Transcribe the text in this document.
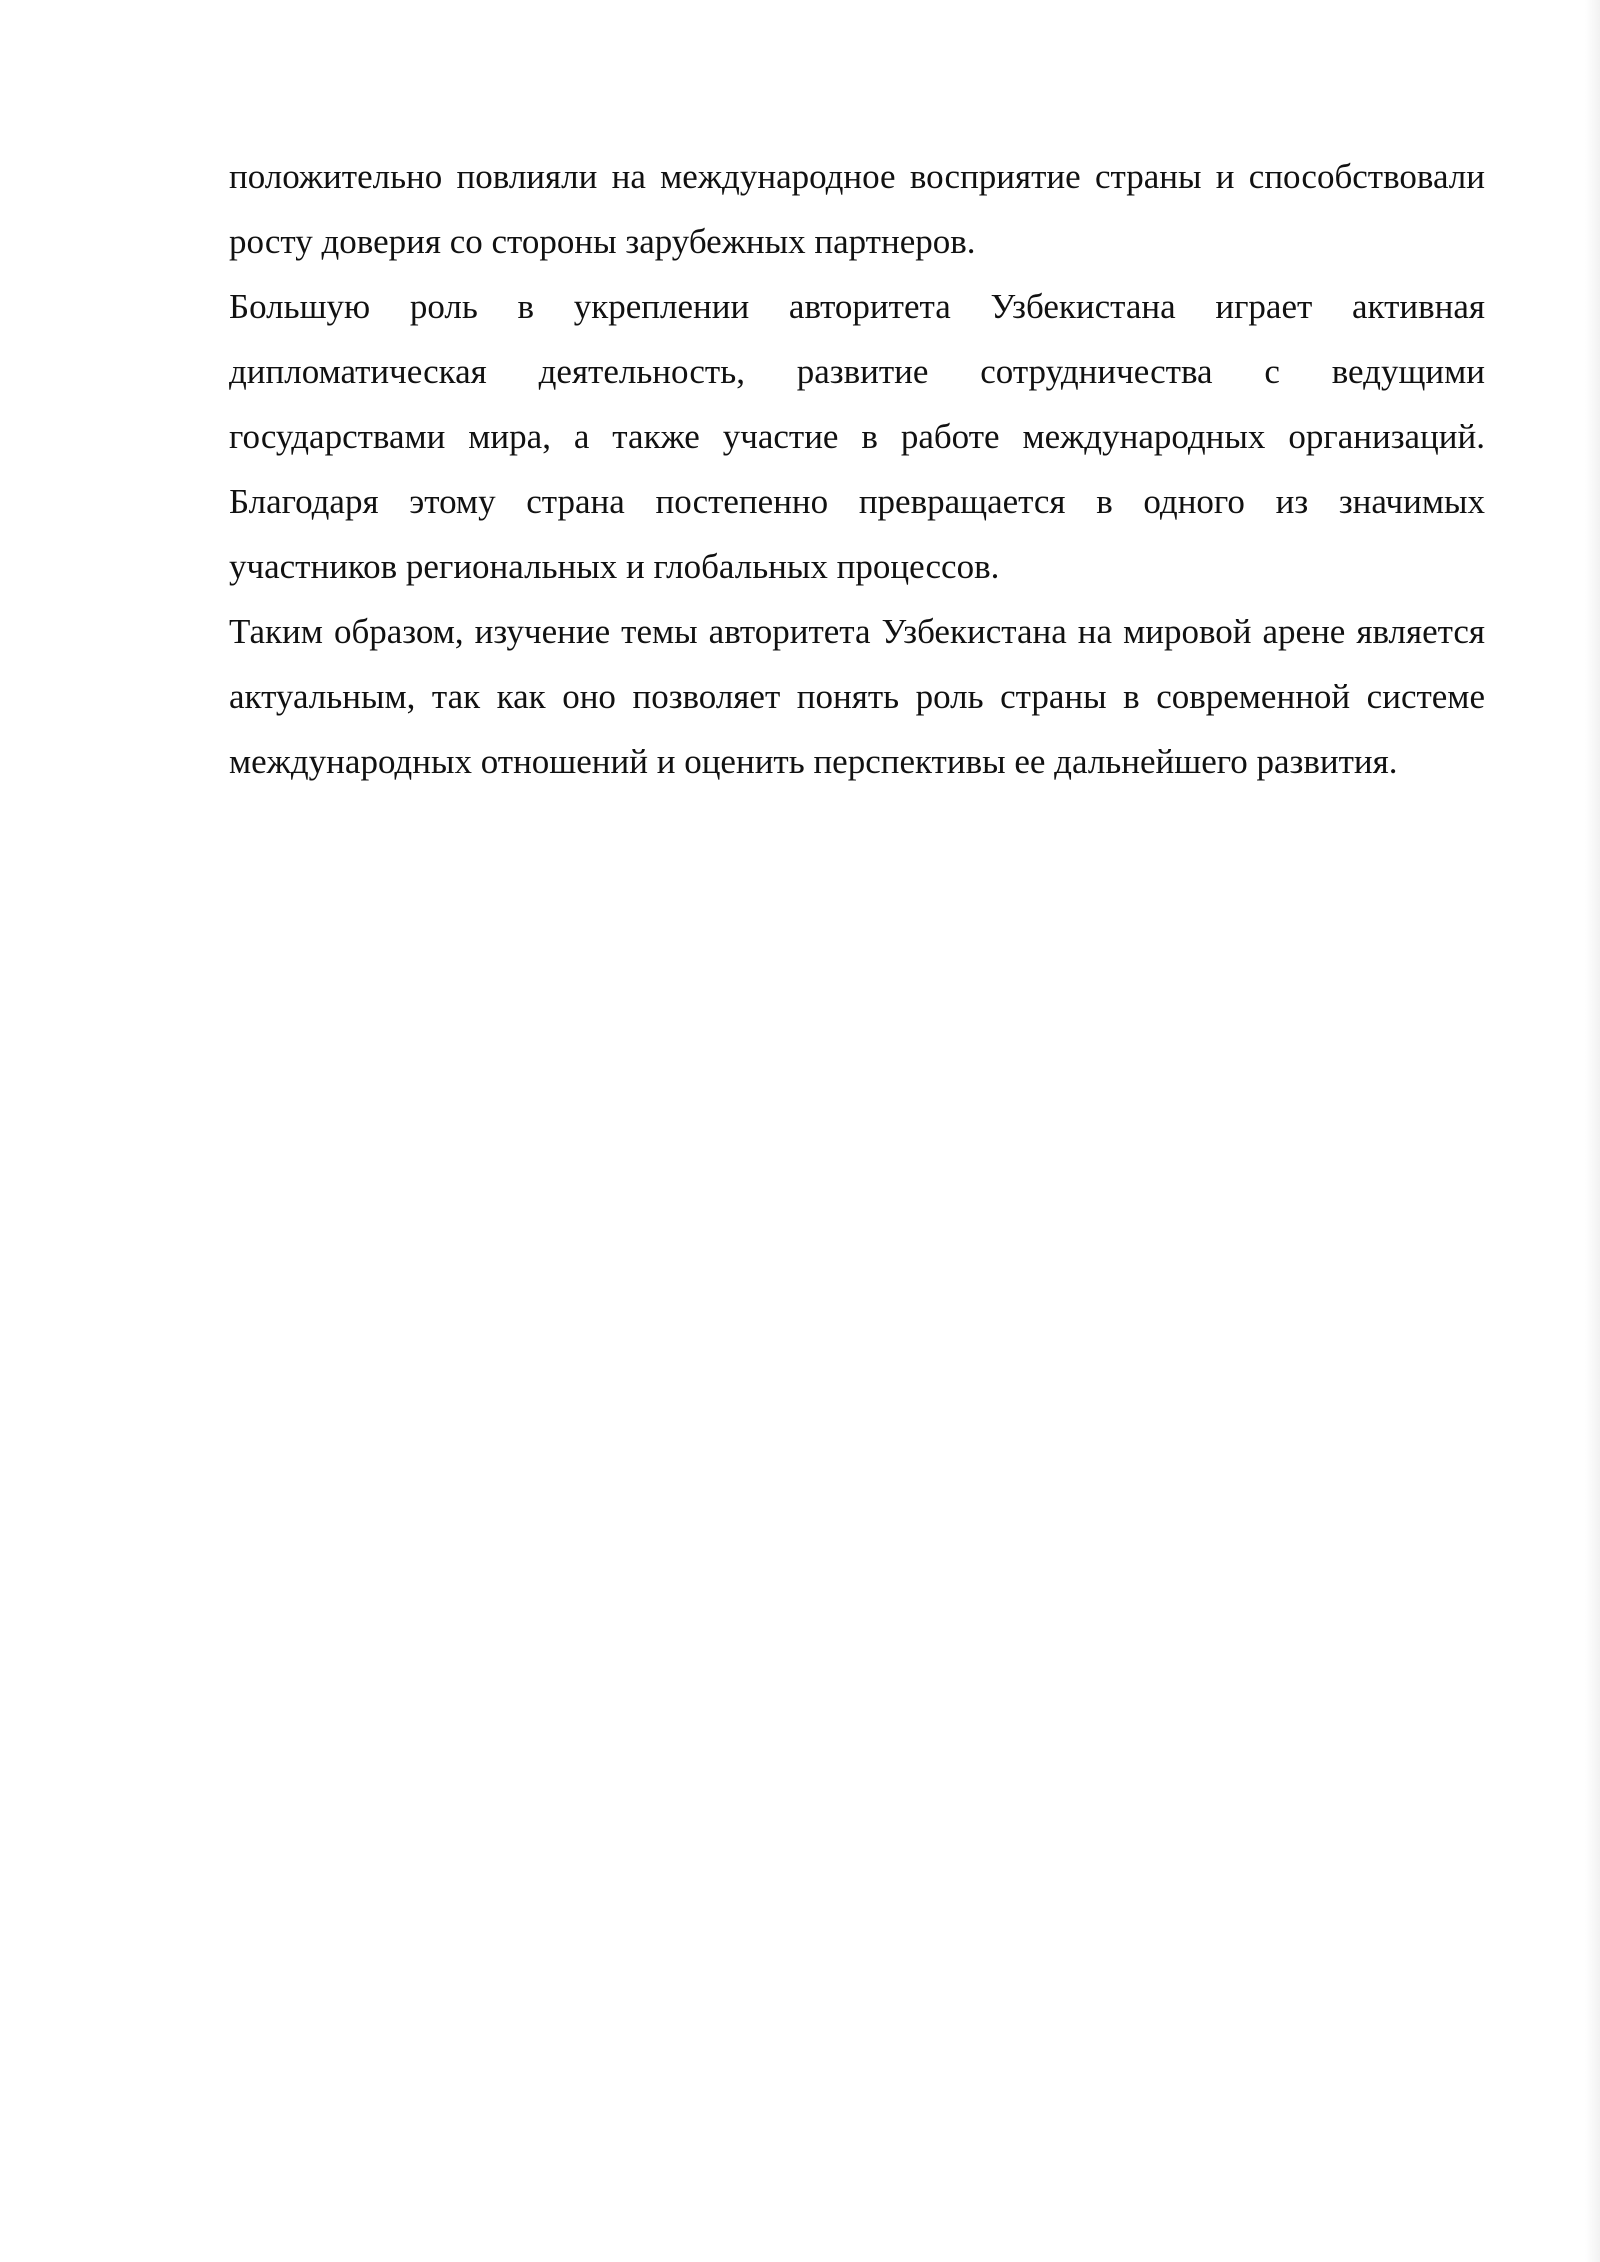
положительно повлияли на международное восприятие страны и способствовали росту доверия со стороны зарубежных партнеров.

Большую роль в укреплении авторитета Узбекистана играет активная дипломатическая деятельность, развитие сотрудничества с ведущими государствами мира, а также участие в работе международных организаций. Благодаря этому страна постепенно превращается в одного из значимых участников региональных и глобальных процессов.

Таким образом, изучение темы авторитета Узбекистана на мировой арене является актуальным, так как оно позволяет понять роль страны в современной системе международных отношений и оценить перспективы ее дальнейшего развития.
